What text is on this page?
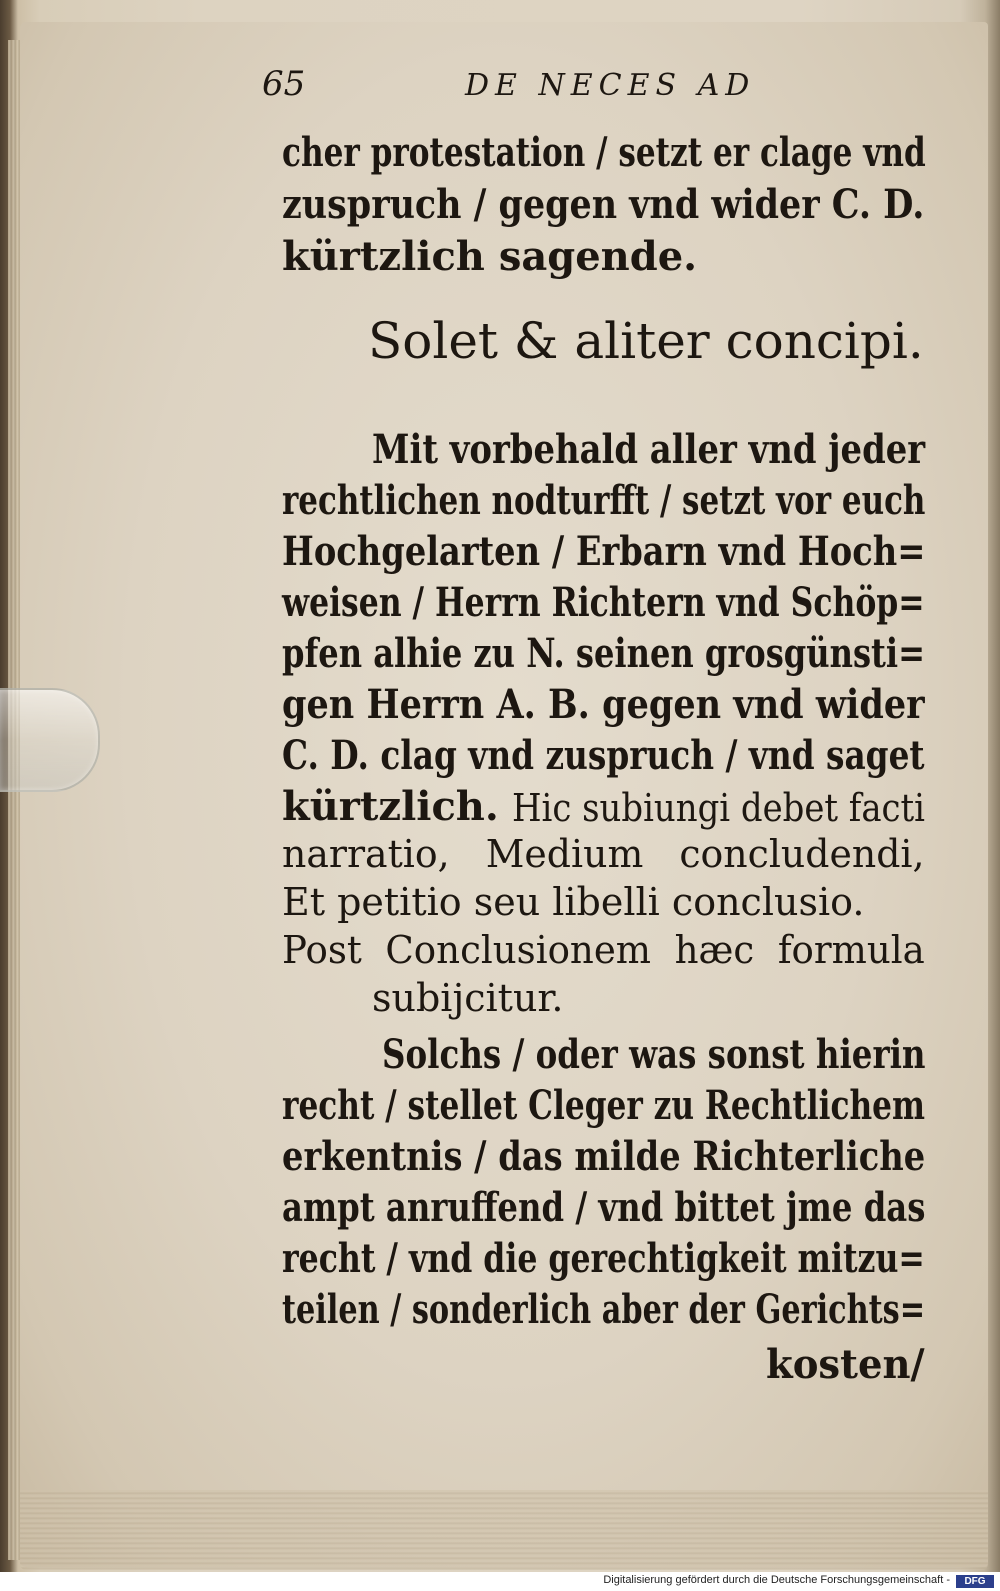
65	DE NECES AD
cher protestation / setzt er clage vnd
zuspruch / gegen vnd wider C. D.
kürtzlich sagende.
Solet & aliter concipi.
Mit vorbehald aller vnd jeder
rechtlichen nodturfft / setzt vor euch
Hochgelarten / Erbarn vnd Hoch=
weisen / Herrn Richtern vnd Schöp=
pfen alhie zu N. seinen grosgünsti=
gen Herrn A. B. gegen vnd wider
C. D. clag vnd zuspruch / vnd saget
kürtzlich. Hic subiungi debet facti
narratio,   Medium   concludendi,
Et petitio seu libelli conclusio.
Post  Conclusionem  hæc  formula
subijcitur.
Solchs / oder was sonst hierin
recht / stellet Cleger zu Rechtlichem
erkentnis / das milde Richterliche
ampt anruffend / vnd bittet jme das
recht / vnd die gerechtigkeit mitzu=
teilen / sonderlich aber der Gerichts=
kosten/
Digitalisierung gefördert durch die Deutsche Forschungsgemeinschaft -	DFG
